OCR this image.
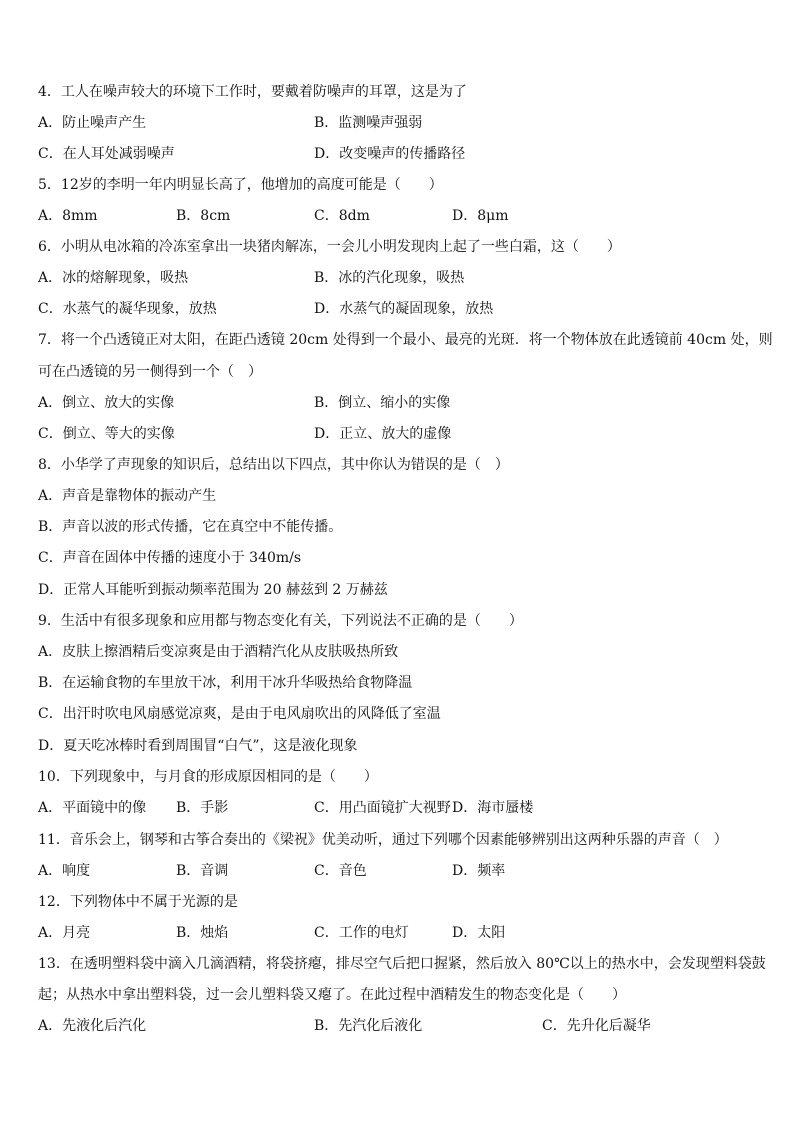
4．工人在噪声较大的环境下工作时，要戴着防噪声的耳罩，这是为了
A．防止噪声产生	B．监测噪声强弱
C．在人耳处减弱噪声	D．改变噪声的传播路径
5．12岁的李明一年内明显长高了，他增加的高度可能是（　　）
A．8mm	B．8cm	C．8dm	D．8μm
6．小明从电冰箱的冷冻室拿出一块猪肉解冻，一会儿小明发现肉上起了一些白霜，这（　　）
A．冰的熔解现象，吸热	B．冰的汽化现象，吸热
C．水蒸气的凝华现象，放热	D．水蒸气的凝固现象，放热
7．将一个凸透镜正对太阳，在距凸透镜 20cm 处得到一个最小、最亮的光斑．将一个物体放在此透镜前 40cm 处，则
可在凸透镜的另一侧得到一个（　）
A．倒立、放大的实像	B．倒立、缩小的实像
C．倒立、等大的实像	D．正立、放大的虚像
8．小华学了声现象的知识后，总结出以下四点，其中你认为错误的是（　）
A．声音是靠物体的振动产生
B．声音以波的形式传播，它在真空中不能传播。
C．声音在固体中传播的速度小于 340m/s
D．正常人耳能听到振动频率范围为 20 赫兹到 2 万赫兹
9．生活中有很多现象和应用都与物态变化有关，下列说法不正确的是（　　）
A．皮肤上擦酒精后变凉爽是由于酒精汽化从皮肤吸热所致
B．在运输食物的车里放干冰，利用干冰升华吸热给食物降温
C．出汗时吹电风扇感觉凉爽，是由于电风扇吹出的风降低了室温
D．夏天吃冰棒时看到周围冒“白气”，这是液化现象
10．下列现象中，与月食的形成原因相同的是（　　）
A．平面镜中的像 B．手影	C．用凸面镜扩大视野 D．海市蜃楼
11．音乐会上，钢琴和古筝合奏出的《梁祝》优美动听，通过下列哪个因素能够辨别出这两种乐器的声音（　）
A．响度	B．音调	C．音色	D．频率
12．下列物体中不属于光源的是
A．月亮	B．烛焰	C．工作的电灯	D．太阳
13．在透明塑料袋中滴入几滴酒精，将袋挤瘪，排尽空气后把口握紧，然后放入 80℃以上的热水中，会发现塑料袋鼓
起；从热水中拿出塑料袋，过一会儿塑料袋又瘪了。在此过程中酒精发生的物态变化是（　　）
A．先液化后汽化	B．先汽化后液化	C．先升化后凝华
